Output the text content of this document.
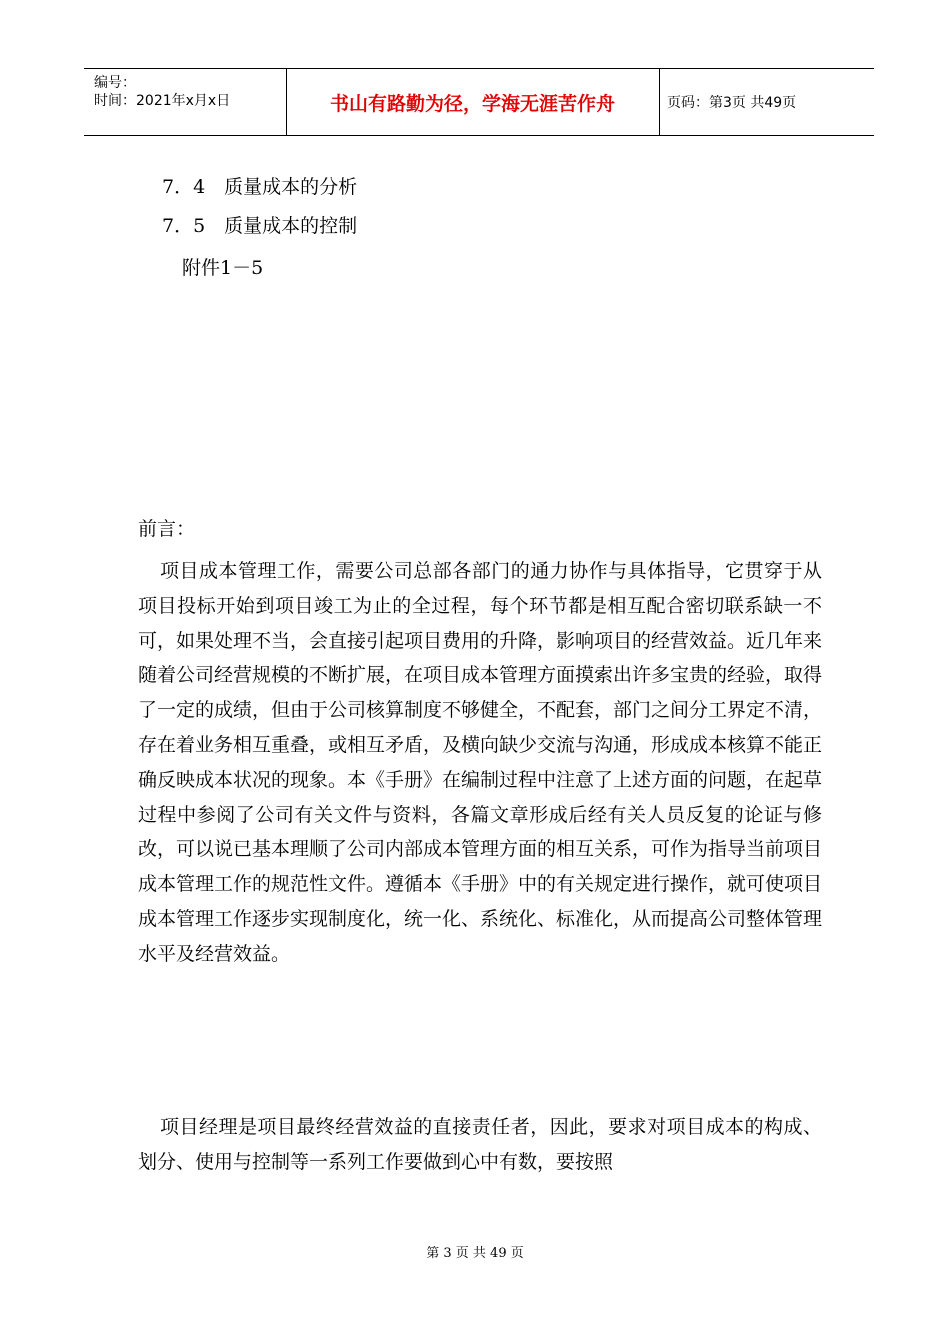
编号：
时间：2021年x月x日	书山有路勤为径，学海无涯苦作舟	页码：第3页 共49页
7．4　质量成本的分析
7．5　质量成本的控制
附件1－5
前言：

项目成本管理工作，需要公司总部各部门的通力协作与具体指导，它贯穿于从项目投标开始到项目竣工为止的全过程，每个环节都是相互配合密切联系缺一不可，如果处理不当，会直接引起项目费用的升降，影响项目的经营效益。近几年来随着公司经营规模的不断扩展，在项目成本管理方面摸索出许多宝贵的经验，取得了一定的成绩，但由于公司核算制度不够健全，不配套，部门之间分工界定不清，存在着业务相互重叠，或相互矛盾，及横向缺少交流与沟通，形成成本核算不能正确反映成本状况的现象。本《手册》在编制过程中注意了上述方面的问题，在起草过程中参阅了公司有关文件与资料，各篇文章形成后经有关人员反复的论证与修改，可以说已基本理顺了公司内部成本管理方面的相互关系，可作为指导当前项目成本管理工作的规范性文件。遵循本《手册》中的有关规定进行操作，就可使项目成本管理工作逐步实现制度化，统一化、系统化、标准化，从而提高公司整体管理水平及经营效益。

项目经理是项目最终经营效益的直接责任者，因此，要求对项目成本的构成、划分、使用与控制等一系列工作要做到心中有数，要按照

第 3 页 共 49 页
